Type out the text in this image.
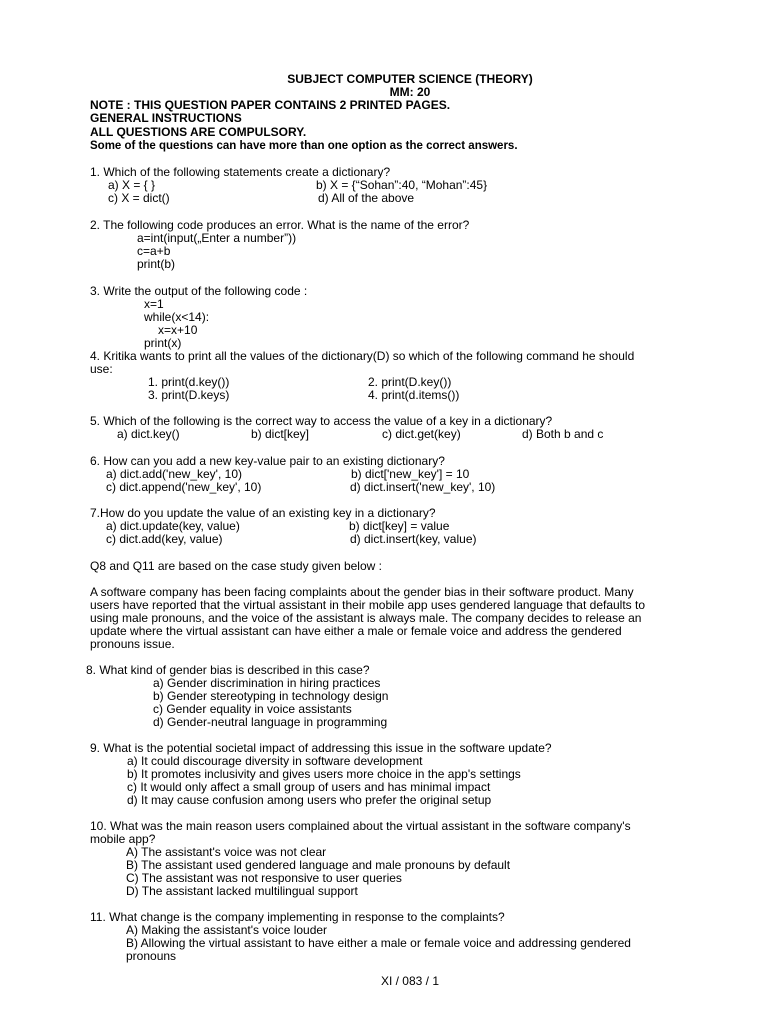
SUBJECT COMPUTER SCIENCE (THEORY)
MM: 20
NOTE : THIS QUESTION PAPER CONTAINS 2 PRINTED PAGES.
GENERAL INSTRUCTIONS
ALL QUESTIONS ARE COMPULSORY.
Some of the questions can have more than one option as the correct answers.
1. Which of the following statements create a dictionary?
a) X = { }	b) X = {“Sohan”:40, “Mohan”:45}
c) X = dict()	d) All of the above
2. The following code produces an error. What is the name of the error?
a=int(input(„Enter a number”))
c=a+b
print(b)
3. Write the output of the following code :
x=1
while(x<14):
x=x+10
print(x)
4. Kritika wants to print all the values of the dictionary(D) so which of the following command he should
use:
1. print(d.key())	2. print(D.key())
3. print(D.keys)	4. print(d.items())
5. Which of the following is the correct way to access the value of a key in a dictionary?
a) dict.key()	b) dict[key]	c) dict.get(key)	d) Both b and c
6. How can you add a new key-value pair to an existing dictionary?
a) dict.add('new_key', 10)	b) dict['new_key'] = 10
c) dict.append('new_key', 10)	d) dict.insert('new_key', 10)
7.How do you update the value of an existing key in a dictionary?
a) dict.update(key, value)	b) dict[key] = value
c) dict.add(key, value)	d) dict.insert(key, value)
Q8 and Q11 are based on the case study given below :
A software company has been facing complaints about the gender bias in their software product. Many
users have reported that the virtual assistant in their mobile app uses gendered language that defaults to
using male pronouns, and the voice of the assistant is always male. The company decides to release an
update where the virtual assistant can have either a male or female voice and address the gendered
pronouns issue.
8. What kind of gender bias is described in this case?
a) Gender discrimination in hiring practices
b) Gender stereotyping in technology design
c) Gender equality in voice assistants
d) Gender-neutral language in programming
9. What is the potential societal impact of addressing this issue in the software update?
a) It could discourage diversity in software development
b) It promotes inclusivity and gives users more choice in the app's settings
c) It would only affect a small group of users and has minimal impact
d) It may cause confusion among users who prefer the original setup
10. What was the main reason users complained about the virtual assistant in the software company's
mobile app?
A) The assistant's voice was not clear
B) The assistant used gendered language and male pronouns by default
C) The assistant was not responsive to user queries
D) The assistant lacked multilingual support
11. What change is the company implementing in response to the complaints?
A) Making the assistant's voice louder
B) Allowing the virtual assistant to have either a male or female voice and addressing gendered
pronouns
XI / 083 / 1
